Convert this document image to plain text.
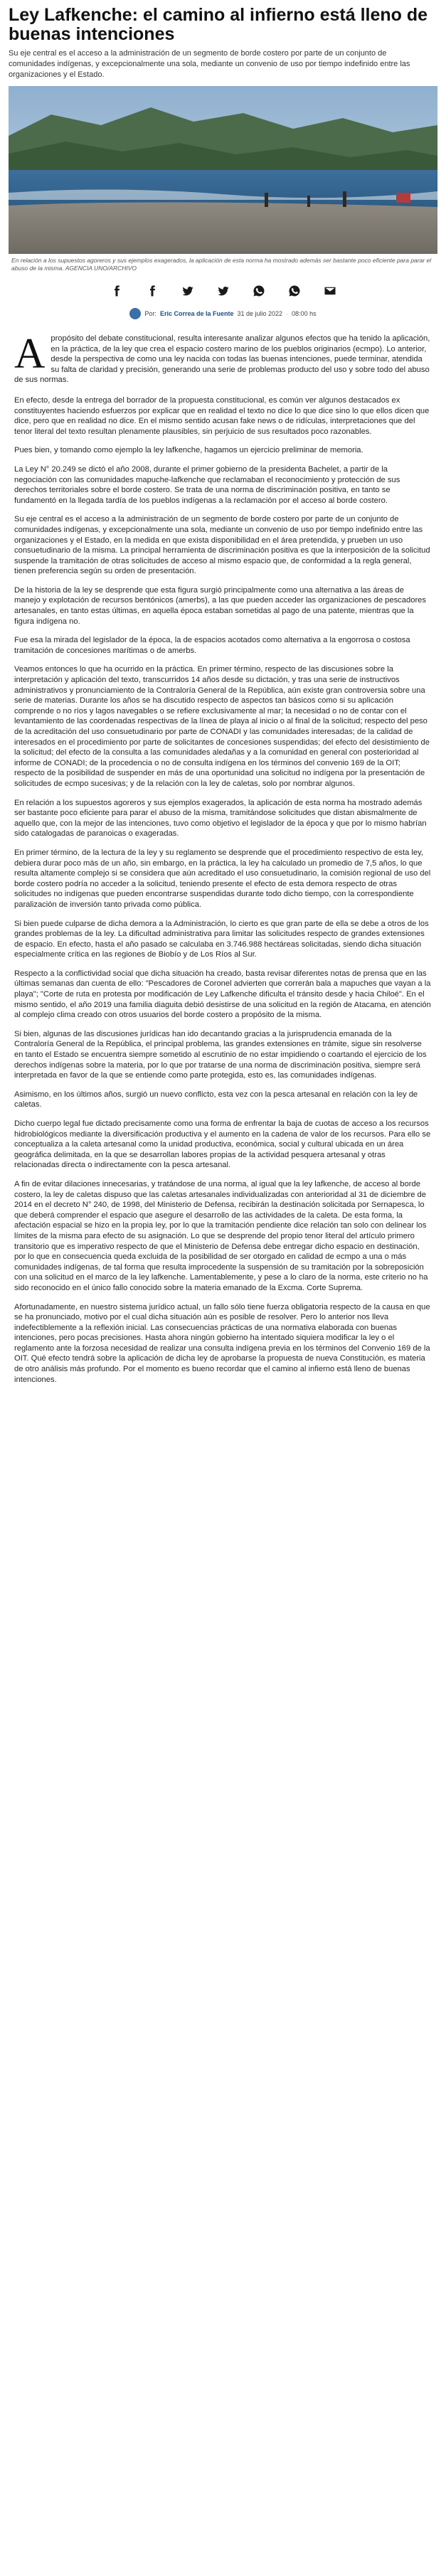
Ley Lafkenche: el camino al infierno está lleno de buenas intenciones

Su eje central es el acceso a la administración de un segmento de borde costero por parte de un conjunto de comunidades indígenas, y excepcionalmente una sola, mediante un convenio de uso por tiempo indefinido entre las organizaciones y el Estado.

En relación a los supuestos agoreros y sus ejemplos exagerados, la aplicación de esta norma ha mostrado además ser bastante poco eficiente para parar el abuso de la misma. AGENCIA UNO/ARCHIVO

Por: Eric Correa de la Fuente 31 de julio 2022 · 08:00 hs

Apropósito del debate constitucional, resulta interesante analizar algunos efectos que ha tenido la aplicación, en la práctica, de la ley que crea el espacio costero marino de los pueblos originarios (ecmpo). Lo anterior, desde la perspectiva de como una ley nacida con todas las buenas intenciones, puede terminar, atendida su falta de claridad y precisión, generando una serie de problemas producto del uso y sobre todo del abuso de sus normas.

En efecto, desde la entrega del borrador de la propuesta constitucional, es común ver algunos destacados ex constituyentes haciendo esfuerzos por explicar que en realidad el texto no dice lo que dice sino lo que ellos dicen que dice, pero que en realidad no dice. En el mismo sentido acusan fake news o de ridículas, interpretaciones que del tenor literal del texto resultan plenamente plausibles, sin perjuicio de sus resultados poco razonables.

Pues bien, y tomando como ejemplo la ley lafkenche, hagamos un ejercicio preliminar de memoria.

La Ley N° 20.249 se dictó el año 2008, durante el primer gobierno de la presidenta Bachelet, a partir de la negociación con las comunidades mapuche-lafkenche que reclamaban el reconocimiento y protección de sus derechos territoriales sobre el borde costero. Se trata de una norma de discriminación positiva, en tanto se fundamentó en la llegada tardía de los pueblos indígenas a la reclamación por el acceso al borde costero.

Su eje central es el acceso a la administración de un segmento de borde costero por parte de un conjunto de comunidades indígenas, y excepcionalmente una sola, mediante un convenio de uso por tiempo indefinido entre las organizaciones y el Estado, en la medida en que exista disponibilidad en el área pretendida, y prueben un uso consuetudinario de la misma. La principal herramienta de discriminación positiva es que la interposición de la solicitud suspende la tramitación de otras solicitudes de acceso al mismo espacio que, de conformidad a la regla general, tienen preferencia según su orden de presentación.

De la historia de la ley se desprende que esta figura surgió principalmente como una alternativa a las áreas de manejo y explotación de recursos bentónicos (amerbs), a las que pueden acceder las organizaciones de pescadores artesanales, en tanto estas últimas, en aquella época estaban sometidas al pago de una patente, mientras que la figura indígena no.

Fue esa la mirada del legislador de la época, la de espacios acotados como alternativa a la engorrosa o costosa tramitación de concesiones marítimas o de amerbs.

Veamos entonces lo que ha ocurrido en la práctica. En primer término, respecto de las discusiones sobre la interpretación y aplicación del texto, transcurridos 14 años desde su dictación, y tras una serie de instructivos administrativos y pronunciamiento de la Contraloría General de la República, aún existe gran controversia sobre una serie de materias. Durante los años se ha discutido respecto de aspectos tan básicos como si su aplicación comprende o no ríos y lagos navegables o se refiere exclusivamente al mar; la necesidad o no de contar con el levantamiento de las coordenadas respectivas de la línea de playa al inicio o al final de la solicitud; respecto del peso de la acreditación del uso consuetudinario por parte de CONADI y las comunidades interesadas; de la calidad de interesados en el procedimiento por parte de solicitantes de concesiones suspendidas; del efecto del desistimiento de la solicitud; del efecto de la consulta a las comunidades aledañas y a la comunidad en general con posterioridad al informe de CONADI; de la procedencia o no de consulta indígena en los términos del convenio 169 de la OIT; respecto de la posibilidad de suspender en más de una oportunidad una solicitud no indígena por la presentación de solicitudes de ecmpo sucesivas; y de la relación con la ley de caletas, solo por nombrar algunos.

En relación a los supuestos agoreros y sus ejemplos exagerados, la aplicación de esta norma ha mostrado además ser bastante poco eficiente para parar el abuso de la misma, tramitándose solicitudes que distan abismalmente de aquello que, con la mejor de las intenciones, tuvo como objetivo el legislador de la época y que por lo mismo habrían sido catalogadas de paranoicas o exageradas.

En primer término, de la lectura de la ley y su reglamento se desprende que el procedimiento respectivo de esta ley, debiera durar poco más de un año, sin embargo, en la práctica, la ley ha calculado un promedio de 7,5 años, lo que resulta altamente complejo si se considera que aún acreditado el uso consuetudinario, la comisión regional de uso del borde costero podría no acceder a la solicitud, teniendo presente el efecto de esta demora respecto de otras solicitudes no indígenas que pueden encontrarse suspendidas durante todo dicho tiempo, con la correspondiente paralización de inversión tanto privada como pública.

Si bien puede culparse de dicha demora a la Administración, lo cierto es que gran parte de ella se debe a otros de los grandes problemas de la ley. La dificultad administrativa para limitar las solicitudes respecto de grandes extensiones de espacio. En efecto, hasta el año pasado se calculaba en 3.746.988 hectáreas solicitadas, siendo dicha situación especialmente crítica en las regiones de Biobío y de Los Ríos al Sur.

Respecto a la conflictividad social que dicha situación ha creado, basta revisar diferentes notas de prensa que en las últimas semanas dan cuenta de ello: "Pescadores de Coronel advierten que correrán bala a mapuches que vayan a la playa"; "Corte de ruta en protesta por modificación de Ley Lafkenche dificulta el tránsito desde y hacia Chiloé". En el mismo sentido, el año 2019 una familia diaguita debió desistirse de una solicitud en la región de Atacama, en atención al complejo clima creado con otros usuarios del borde costero a propósito de la misma.

Si bien, algunas de las discusiones jurídicas han ido decantando gracias a la jurisprudencia emanada de la Contraloría General de la República, el principal problema, las grandes extensiones en trámite, sigue sin resolverse en tanto el Estado se encuentra siempre sometido al escrutinio de no estar impidiendo o coartando el ejercicio de los derechos indígenas sobre la materia, por lo que por tratarse de una norma de discriminación positiva, siempre será interpretada en favor de la que se entiende como parte protegida, esto es, las comunidades indígenas.

Asimismo, en los últimos años, surgió un nuevo conflicto, esta vez con la pesca artesanal en relación con la ley de caletas.

Dicho cuerpo legal fue dictado precisamente como una forma de enfrentar la baja de cuotas de acceso a los recursos hidrobiológicos mediante la diversificación productiva y el aumento en la cadena de valor de los recursos. Para ello se conceptualiza a la caleta artesanal como la unidad productiva, económica, social y cultural ubicada en un área geográfica delimitada, en la que se desarrollan labores propias de la actividad pesquera artesanal y otras relacionadas directa o indirectamente con la pesca artesanal.

A fin de evitar dilaciones innecesarias, y tratándose de una norma, al igual que la ley lafkenche, de acceso al borde costero, la ley de caletas dispuso que las caletas artesanales individualizadas con anterioridad al 31 de diciembre de 2014 en el decreto N° 240, de 1998, del Ministerio de Defensa, recibirán la destinación solicitada por Sernapesca, lo que deberá comprender el espacio que asegure el desarrollo de las actividades de la caleta. De esta forma, la afectación espacial se hizo en la propia ley, por lo que la tramitación pendiente dice relación tan solo con delinear los límites de la misma para efecto de su asignación. Lo que se desprende del propio tenor literal del artículo primero transitorio que es imperativo respecto de que el Ministerio de Defensa debe entregar dicho espacio en destinación, por lo que en consecuencia queda excluida de la posibilidad de ser otorgado en calidad de ecmpo a una o más comunidades indígenas, de tal forma que resulta improcedente la suspensión de su tramitación por la sobreposición con una solicitud en el marco de la ley lafkenche. Lamentablemente, y pese a lo claro de la norma, este criterio no ha sido reconocido en el único fallo conocido sobre la materia emanado de la Excma. Corte Suprema.

Afortunadamente, en nuestro sistema jurídico actual, un fallo sólo tiene fuerza obligatoria respecto de la causa en que se ha pronunciado, motivo por el cual dicha situación aún es posible de resolver. Pero lo anterior nos lleva indefectiblemente a la reflexión inicial. Las consecuencias prácticas de una normativa elaborada con buenas intenciones, pero pocas precisiones. Hasta ahora ningún gobierno ha intentado siquiera modificar la ley o el reglamento ante la forzosa necesidad de realizar una consulta indígena previa en los términos del Convenio 169 de la OIT. Qué efecto tendrá sobre la aplicación de dicha ley de aprobarse la propuesta de nueva Constitución, es materia de otro análisis más profundo. Por el momento es bueno recordar que el camino al infierno está lleno de buenas intenciones.
